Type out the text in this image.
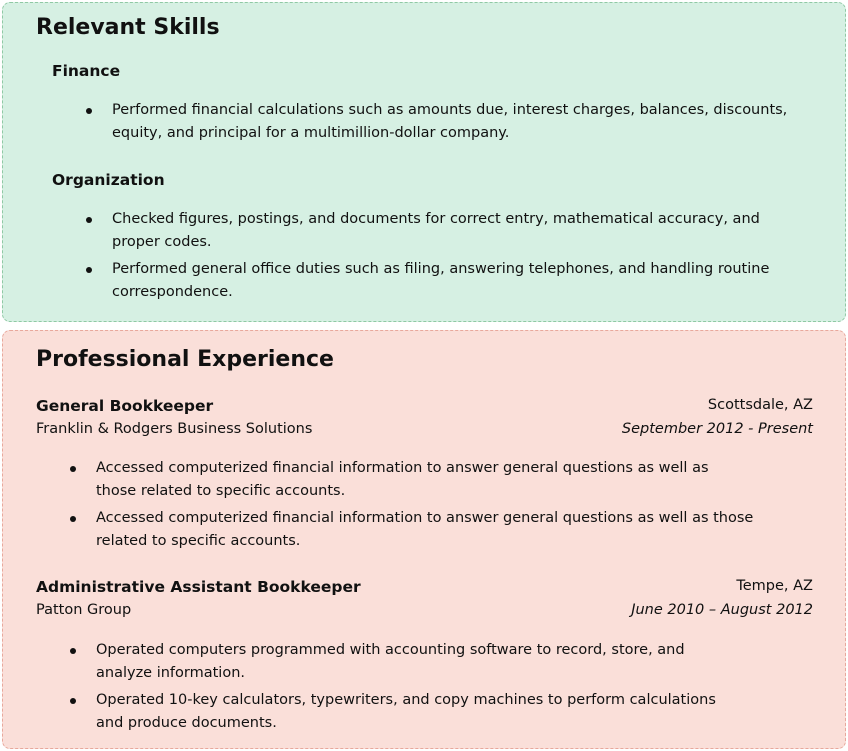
Relevant Skills
Finance
Performed financial calculations such as amounts due, interest charges, balances, discounts, equity, and principal for a multimillion-dollar company.
Organization
Checked figures, postings, and documents for correct entry, mathematical accuracy, and proper codes.
Performed general office duties such as filing, answering telephones, and handling routine correspondence.
Professional Experience
General Bookkeeper	Scottsdale, AZ
Franklin & Rodgers Business Solutions	September 2012 - Present
Accessed computerized financial information to answer general questions as well as those related to specific accounts.
Accessed computerized financial information to answer general questions as well as those related to specific accounts.
Administrative Assistant Bookkeeper	Tempe, AZ
Patton Group	June 2010 – August 2012
Operated computers programmed with accounting software to record, store, and analyze information.
Operated 10-key calculators, typewriters, and copy machines to perform calculations and produce documents.
